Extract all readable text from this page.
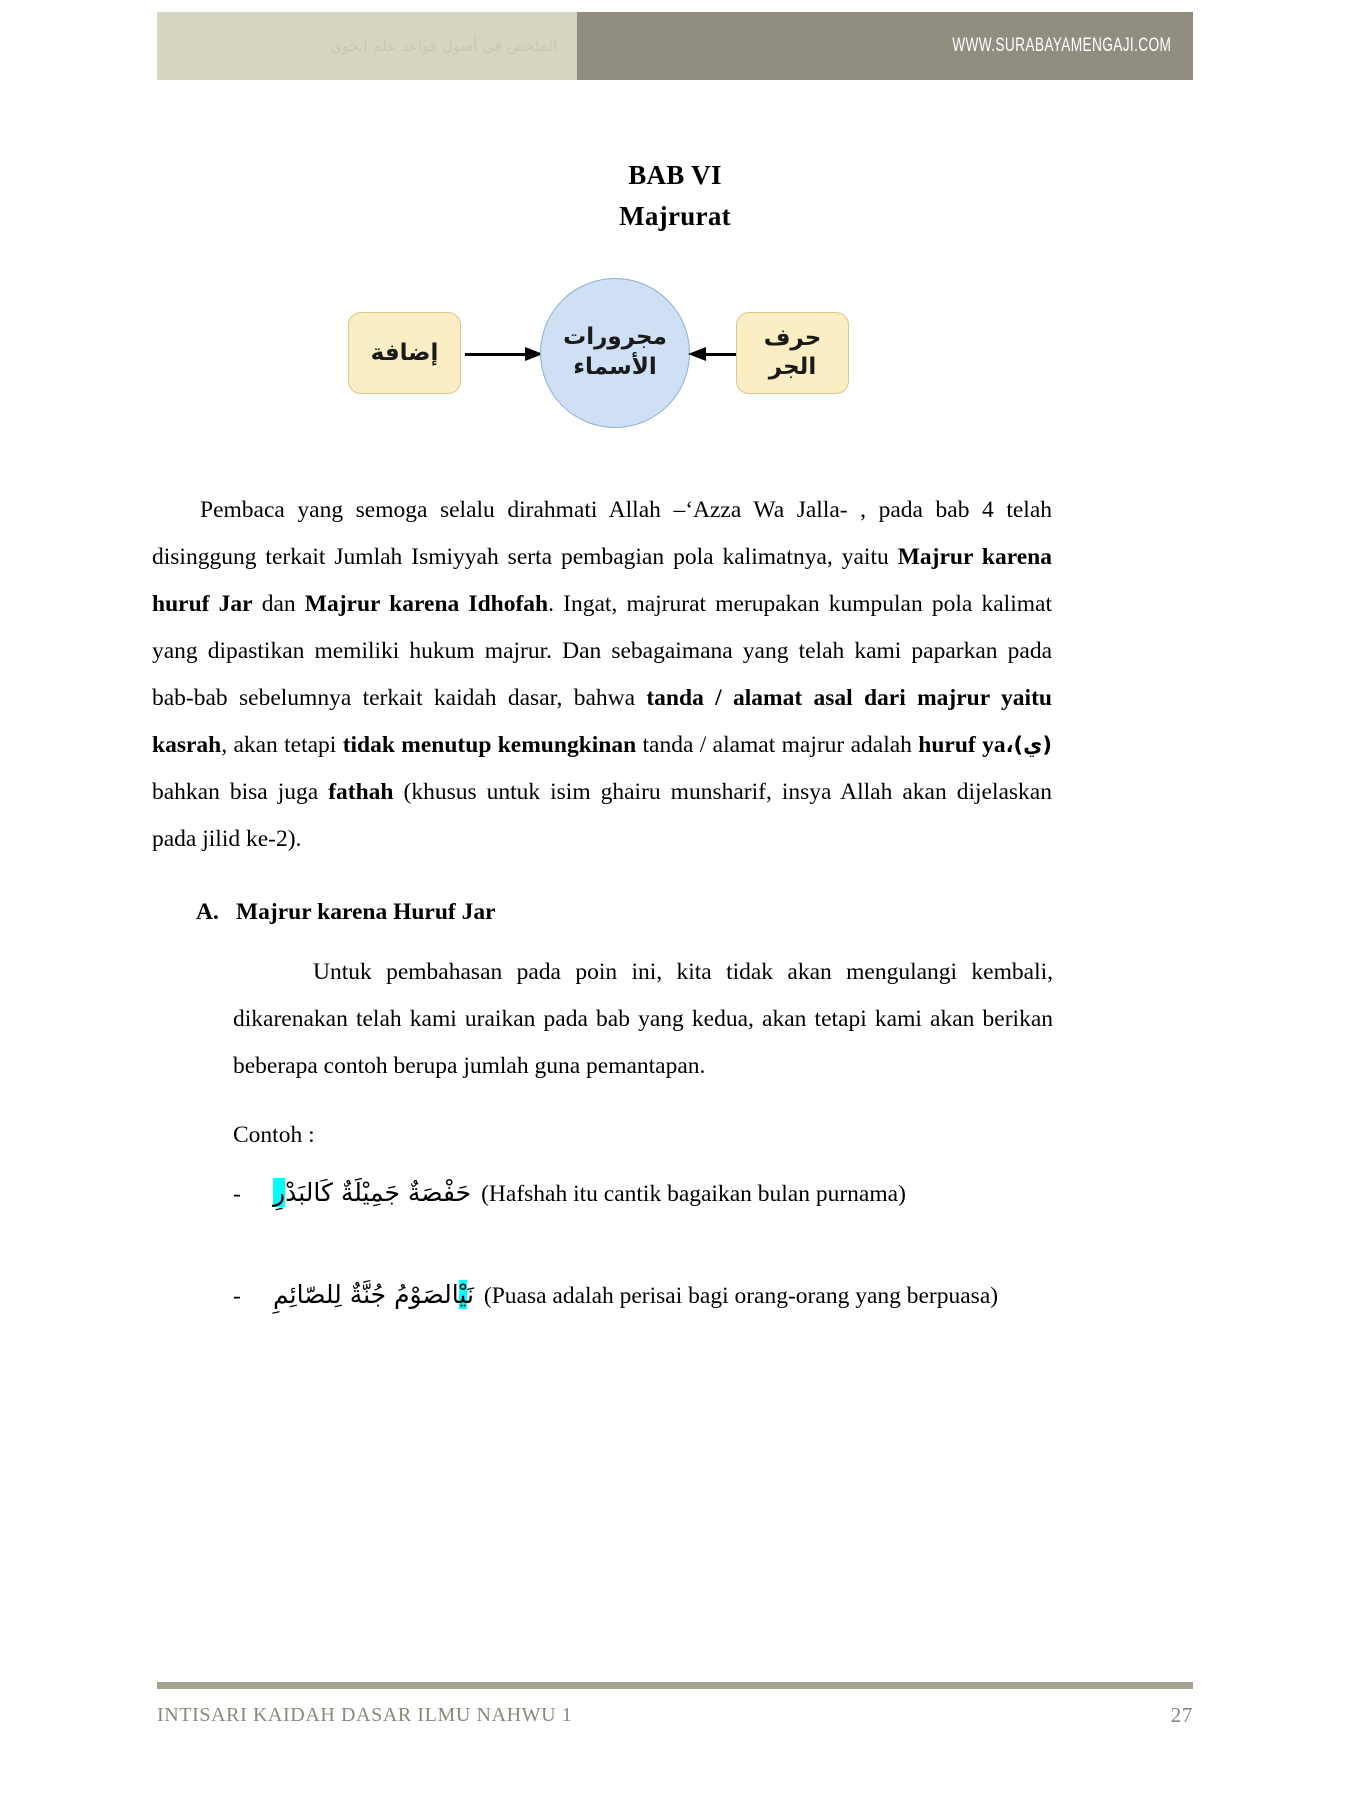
الملخص في أصول قواعد علم انحوي	WWW.SURABAYAMENGAJI.COM
BAB VI
Majrurat
إضافة
مجرورات
الأسماء
حرف
الجر

Pembaca yang semoga selalu dirahmati Allah –‘Azza Wa Jalla- , pada bab 4 telah disinggung terkait Jumlah Ismiyyah serta pembagian pola kalimatnya, yaitu Majrur karena huruf Jar dan Majrur karena Idhofah. Ingat, majrurat merupakan kumpulan pola kalimat yang dipastikan memiliki hukum majrur. Dan sebagaimana yang telah kami paparkan pada bab-bab sebelumnya terkait kaidah dasar, bahwa tanda / alamat asal dari majrur yaitu kasrah, akan tetapi tidak menutup kemungkinan tanda / alamat majrur adalah huruf ya(ي)، bahkan bisa juga fathah (khusus untuk isim ghairu munsharif, insya Allah akan dijelaskan pada jilid ke-2).

A. Majrur karena Huruf Jar

Untuk pembahasan pada poin ini, kita tidak akan mengulangi kembali, dikarenakan telah kami uraikan pada bab yang kedua, akan tetapi kami akan berikan beberapa contoh berupa jumlah guna pemantapan.

Contoh :
-	حَفْصَةٌ جَمِيْلَةٌ كَالبَدْرِ	(Hafshah itu cantik bagaikan bulan purnama)
-	نَيْالصَوْمُ جُنَّةٌ لِلصّائِمِ	(Puasa adalah perisai bagi orang-orang yang berpuasa)
INTISARI KAIDAH DASAR ILMU NAHWU 1	27
